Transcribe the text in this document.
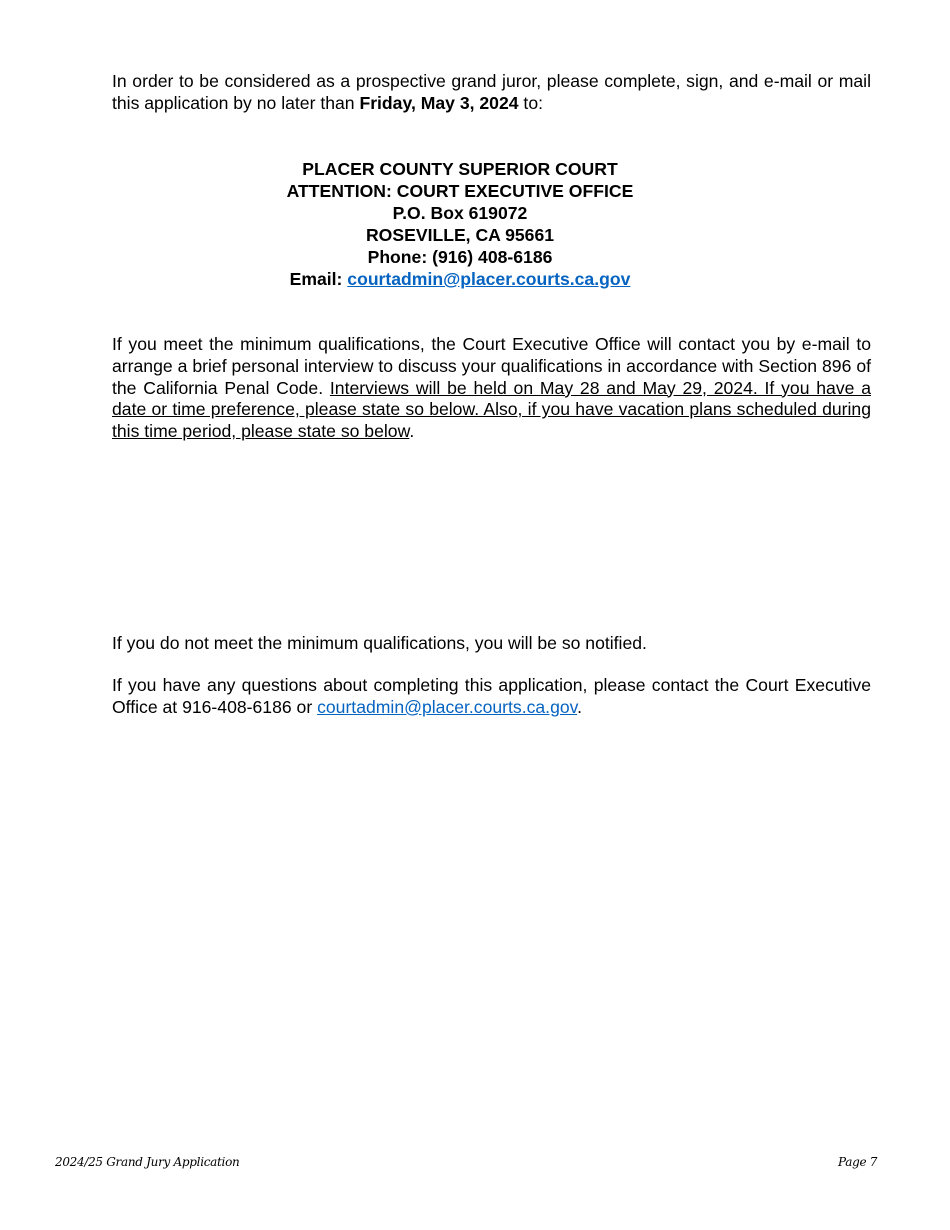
In order to be considered as a prospective grand juror, please complete, sign, and e-mail or mail this application by no later than Friday, May 3, 2024 to:

PLACER COUNTY SUPERIOR COURT
ATTENTION: COURT EXECUTIVE OFFICE
P.O. Box 619072
ROSEVILLE, CA 95661
Phone: (916) 408-6186
Email: courtadmin@placer.courts.ca.gov

If you meet the minimum qualifications, the Court Executive Office will contact you by e-mail to arrange a brief personal interview to discuss your qualifications in accordance with Section 896 of the California Penal Code. Interviews will be held on May 28 and May 29, 2024. If you have a date or time preference, please state so below. Also, if you have vacation plans scheduled during this time period, please state so below.

If you do not meet the minimum qualifications, you will be so notified.

If you have any questions about completing this application, please contact the Court Executive Office at 916-408-6186 or courtadmin@placer.courts.ca.gov.

2024/25 Grand Jury Application	Page 7
